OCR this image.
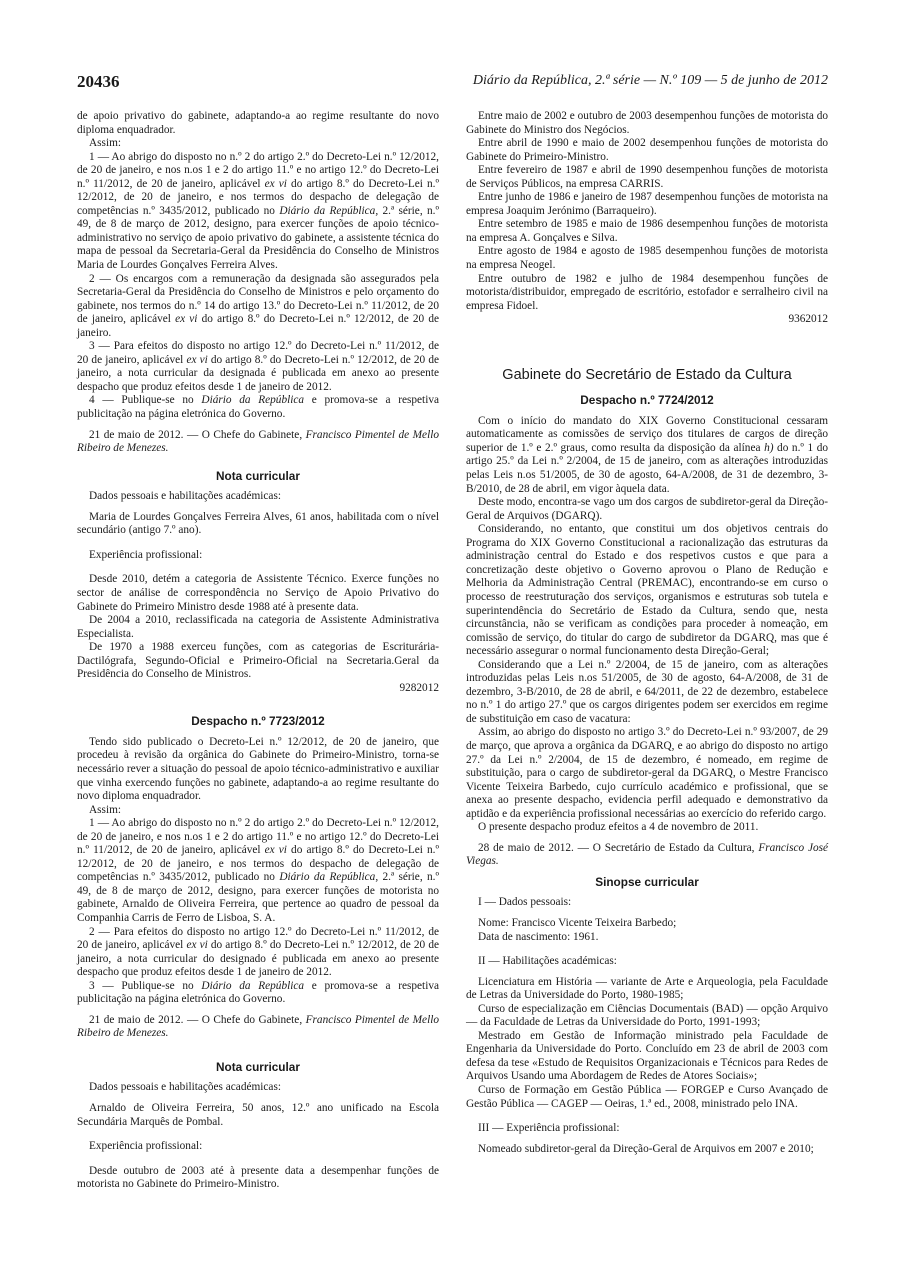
20436	Diário da República, 2.ª série — N.º 109 — 5 de junho de 2012

de apoio privativo do gabinete, adaptando-a ao regime resultante do novo diploma enquadrador.

Assim:

1 — Ao abrigo do disposto no n.º 2 do artigo 2.º do Decreto-Lei n.º 12/2012, de 20 de janeiro, e nos n.os 1 e 2 do artigo 11.º e no artigo 12.º do Decreto-Lei n.º 11/2012, de 20 de janeiro, aplicável ex vi do artigo 8.º do Decreto-Lei n.º 12/2012, de 20 de janeiro, e nos termos do despacho de delegação de competências n.º 3435/2012, publicado no Diário da República, 2.ª série, n.º 49, de 8 de março de 2012, designo, para exercer funções de apoio técnico-administrativo no serviço de apoio privativo do gabinete, a assistente técnica do mapa de pessoal da Secretaria-Geral da Presidência do Conselho de Ministros Maria de Lourdes Gonçalves Ferreira Alves.

2 — Os encargos com a remuneração da designada são assegurados pela Secretaria-Geral da Presidência do Conselho de Ministros e pelo orçamento do gabinete, nos termos do n.º 14 do artigo 13.º do Decreto-Lei n.º 11/2012, de 20 de janeiro, aplicável ex vi do artigo 8.º do Decreto-Lei n.º 12/2012, de 20 de janeiro.

3 — Para efeitos do disposto no artigo 12.º do Decreto-Lei n.º 11/2012, de 20 de janeiro, aplicável ex vi do artigo 8.º do Decreto-Lei n.º 12/2012, de 20 de janeiro, a nota curricular da designada é publicada em anexo ao presente despacho que produz efeitos desde 1 de janeiro de 2012.

4 — Publique-se no Diário da República e promova-se a respetiva publicitação na página eletrónica do Governo.

21 de maio de 2012. — O Chefe do Gabinete, Francisco Pimentel de Mello Ribeiro de Menezes.

Nota curricular

Dados pessoais e habilitações académicas:

Maria de Lourdes Gonçalves Ferreira Alves, 61 anos, habilitada com o nível secundário (antigo 7.º ano).

Experiência profissional:

Desde 2010, detém a categoria de Assistente Técnico. Exerce funções no sector de análise de correspondência no Serviço de Apoio Privativo do Gabinete do Primeiro Ministro desde 1988 até à presente data.

De 2004 a 2010, reclassificada na categoria de Assistente Administrativa Especialista.

De 1970 a 1988 exerceu funções, com as categorias de Escriturária-Dactilógrafa, Segundo-Oficial e Primeiro-Oficial na Secretaria.Geral da Presidência do Conselho de Ministros.

9282012

Despacho n.º 7723/2012

Tendo sido publicado o Decreto-Lei n.º 12/2012, de 20 de janeiro, que procedeu à revisão da orgânica do Gabinete do Primeiro-Ministro, torna-se necessário rever a situação do pessoal de apoio técnico-administrativo e auxiliar que vinha exercendo funções no gabinete, adaptando-a ao regime resultante do novo diploma enquadrador.

Assim:

1 — Ao abrigo do disposto no n.º 2 do artigo 2.º do Decreto-Lei n.º 12/2012, de 20 de janeiro, e nos n.os 1 e 2 do artigo 11.º e no artigo 12.º do Decreto-Lei n.º 11/2012, de 20 de janeiro, aplicável ex vi do artigo 8.º do Decreto-Lei n.º 12/2012, de 20 de janeiro, e nos termos do despacho de delegação de competências n.º 3435/2012, publicado no Diário da República, 2.ª série, n.º 49, de 8 de março de 2012, designo, para exercer funções de motorista no gabinete, Arnaldo de Oliveira Ferreira, que pertence ao quadro de pessoal da Companhia Carris de Ferro de Lisboa, S. A.

2 — Para efeitos do disposto no artigo 12.º do Decreto-Lei n.º 11/2012, de 20 de janeiro, aplicável ex vi do artigo 8.º do Decreto-Lei n.º 12/2012, de 20 de janeiro, a nota curricular do designado é publicada em anexo ao presente despacho que produz efeitos desde 1 de janeiro de 2012.

3 — Publique-se no Diário da República e promova-se a respetiva publicitação na página eletrónica do Governo.

21 de maio de 2012. — O Chefe do Gabinete, Francisco Pimentel de Mello Ribeiro de Menezes.

Nota curricular

Dados pessoais e habilitações académicas:

Arnaldo de Oliveira Ferreira, 50 anos, 12.º ano unificado na Escola Secundária Marquês de Pombal.

Experiência profissional:

Desde outubro de 2003 até à presente data a desempenhar funções de motorista no Gabinete do Primeiro-Ministro.

Entre maio de 2002 e outubro de 2003 desempenhou funções de motorista do Gabinete do Ministro dos Negócios.

Entre abril de 1990 e maio de 2002 desempenhou funções de motorista do Gabinete do Primeiro-Ministro.

Entre fevereiro de 1987 e abril de 1990 desempenhou funções de motorista de Serviços Públicos, na empresa CARRIS.

Entre junho de 1986 e janeiro de 1987 desempenhou funções de motorista na empresa Joaquim Jerónimo (Barraqueiro).

Entre setembro de 1985 e maio de 1986 desempenhou funções de motorista na empresa A. Gonçalves e Silva.

Entre agosto de 1984 e agosto de 1985 desempenhou funções de motorista na empresa Neogel.

Entre outubro de 1982 e julho de 1984 desempenhou funções de motorista/distribuidor, empregado de escritório, estofador e serralheiro civil na empresa Fidoel.

9362012

Gabinete do Secretário de Estado da Cultura

Despacho n.º 7724/2012

Com o início do mandato do XIX Governo Constitucional cessaram automaticamente as comissões de serviço dos titulares de cargos de direção superior de 1.º e 2.º graus, como resulta da disposição da alínea h) do n.º 1 do artigo 25.º da Lei n.º 2/2004, de 15 de janeiro, com as alterações introduzidas pelas Leis n.os 51/2005, de 30 de agosto, 64-A/2008, de 31 de dezembro, 3-B/2010, de 28 de abril, em vigor àquela data.

Deste modo, encontra-se vago um dos cargos de subdiretor-geral da Direção-Geral de Arquivos (DGARQ).

Considerando, no entanto, que constitui um dos objetivos centrais do Programa do XIX Governo Constitucional a racionalização das estruturas da administração central do Estado e dos respetivos custos e que para a concretização deste objetivo o Governo aprovou o Plano de Redução e Melhoria da Administração Central (PREMAC), encontrando-se em curso o processo de reestruturação dos serviços, organismos e estruturas sob tutela e superintendência do Secretário de Estado da Cultura, sendo que, nesta circunstância, não se verificam as condições para proceder à nomeação, em comissão de serviço, do titular do cargo de subdiretor da DGARQ, mas que é necessário assegurar o normal funcionamento desta Direção-Geral;

Considerando que a Lei n.º 2/2004, de 15 de janeiro, com as alterações introduzidas pelas Leis n.os 51/2005, de 30 de agosto, 64-A/2008, de 31 de dezembro, 3-B/2010, de 28 de abril, e 64/2011, de 22 de dezembro, estabelece no n.º 1 do artigo 27.º que os cargos dirigentes podem ser exercidos em regime de substituição em caso de vacatura:

Assim, ao abrigo do disposto no artigo 3.º do Decreto-Lei n.º 93/2007, de 29 de março, que aprova a orgânica da DGARQ, e ao abrigo do disposto no artigo 27.º da Lei n.º 2/2004, de 15 de dezembro, é nomeado, em regime de substituição, para o cargo de subdiretor-geral da DGARQ, o Mestre Francisco Vicente Teixeira Barbedo, cujo currículo académico e profissional, que se anexa ao presente despacho, evidencia perfil adequado e demonstrativo da aptidão e da experiência profissional necessárias ao exercício do referido cargo.

O presente despacho produz efeitos a 4 de novembro de 2011.

28 de maio de 2012. — O Secretário de Estado da Cultura, Francisco José Viegas.

Sinopse curricular

I — Dados pessoais:

Nome: Francisco Vicente Teixeira Barbedo;

Data de nascimento: 1961.

II — Habilitações académicas:

Licenciatura em História — variante de Arte e Arqueologia, pela Faculdade de Letras da Universidade do Porto, 1980-1985;

Curso de especialização em Ciências Documentais (BAD) — opção Arquivo — da Faculdade de Letras da Universidade do Porto, 1991-1993;

Mestrado em Gestão de Informação ministrado pela Faculdade de Engenharia da Universidade do Porto. Concluído em 23 de abril de 2003 com defesa da tese «Estudo de Requisitos Organizacionais e Técnicos para Redes de Arquivos Usando uma Abordagem de Redes de Atores Sociais»;

Curso de Formação em Gestão Pública — FORGEP e Curso Avançado de Gestão Pública — CAGEP — Oeiras, 1.ª ed., 2008, ministrado pelo INA.

III — Experiência profissional:

Nomeado subdiretor-geral da Direção-Geral de Arquivos em 2007 e 2010;
